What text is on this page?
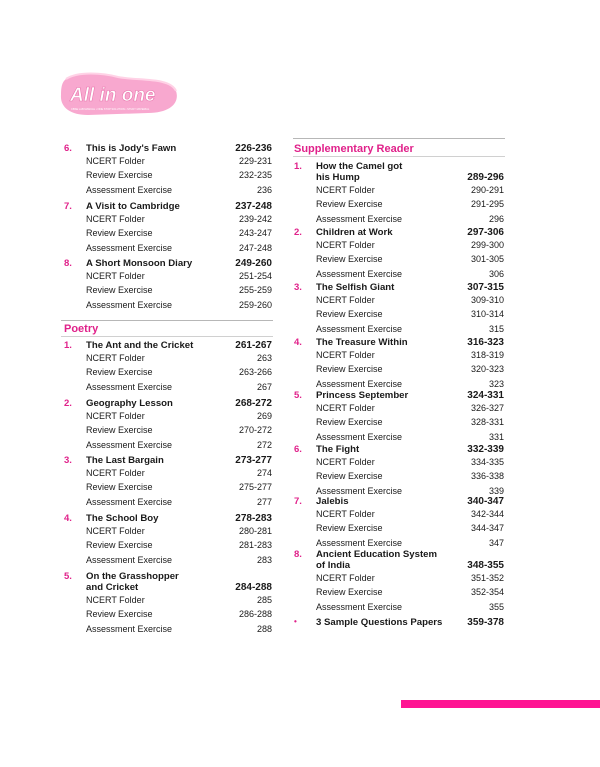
All in one
CBSE LAB MANUAL • ONE STOP SOLUTION • STUDY MATERIAL
6. This is Jody's Fawn	226-236
NCERT Folder	229-231
Review Exercise	232-235
Assessment Exercise	236
7. A Visit to Cambridge	237-248
NCERT Folder	239-242
Review Exercise	243-247
Assessment Exercise	247-248
8. A Short Monsoon Diary	249-260
NCERT Folder	251-254
Review Exercise	255-259
Assessment Exercise	259-260
Poetry
1. The Ant and the Cricket	261-267
NCERT Folder	263
Review Exercise	263-266
Assessment Exercise	267
2. Geography Lesson	268-272
NCERT Folder	269
Review Exercise	270-272
Assessment Exercise	272
3. The Last Bargain	273-277
NCERT Folder	274
Review Exercise	275-277
Assessment Exercise	277
4. The School Boy	278-283
NCERT Folder	280-281
Review Exercise	281-283
Assessment Exercise	283
5. On the Grasshopper
and Cricket	284-288
NCERT Folder	285
Review Exercise	286-288
Assessment Exercise	288
Supplementary Reader
1. How the Camel got
his Hump	289-296
NCERT Folder	290-291
Review Exercise	291-295
Assessment Exercise	296
2. Children at Work	297-306
NCERT Folder	299-300
Review Exercise	301-305
Assessment Exercise	306
3. The Selfish Giant	307-315
NCERT Folder	309-310
Review Exercise	310-314
Assessment Exercise	315
4. The Treasure Within	316-323
NCERT Folder	318-319
Review Exercise	320-323
Assessment Exercise	323
5. Princess September	324-331
NCERT Folder	326-327
Review Exercise	328-331
Assessment Exercise	331
6. The Fight	332-339
NCERT Folder	334-335
Review Exercise	336-338
Assessment Exercise	339
7. Jalebis	340-347
NCERT Folder	342-344
Review Exercise	344-347
Assessment Exercise	347
8. Ancient Education System
of India	348-355
NCERT Folder	351-352
Review Exercise	352-354
Assessment Exercise	355
• 3 Sample Questions Papers 359-378
